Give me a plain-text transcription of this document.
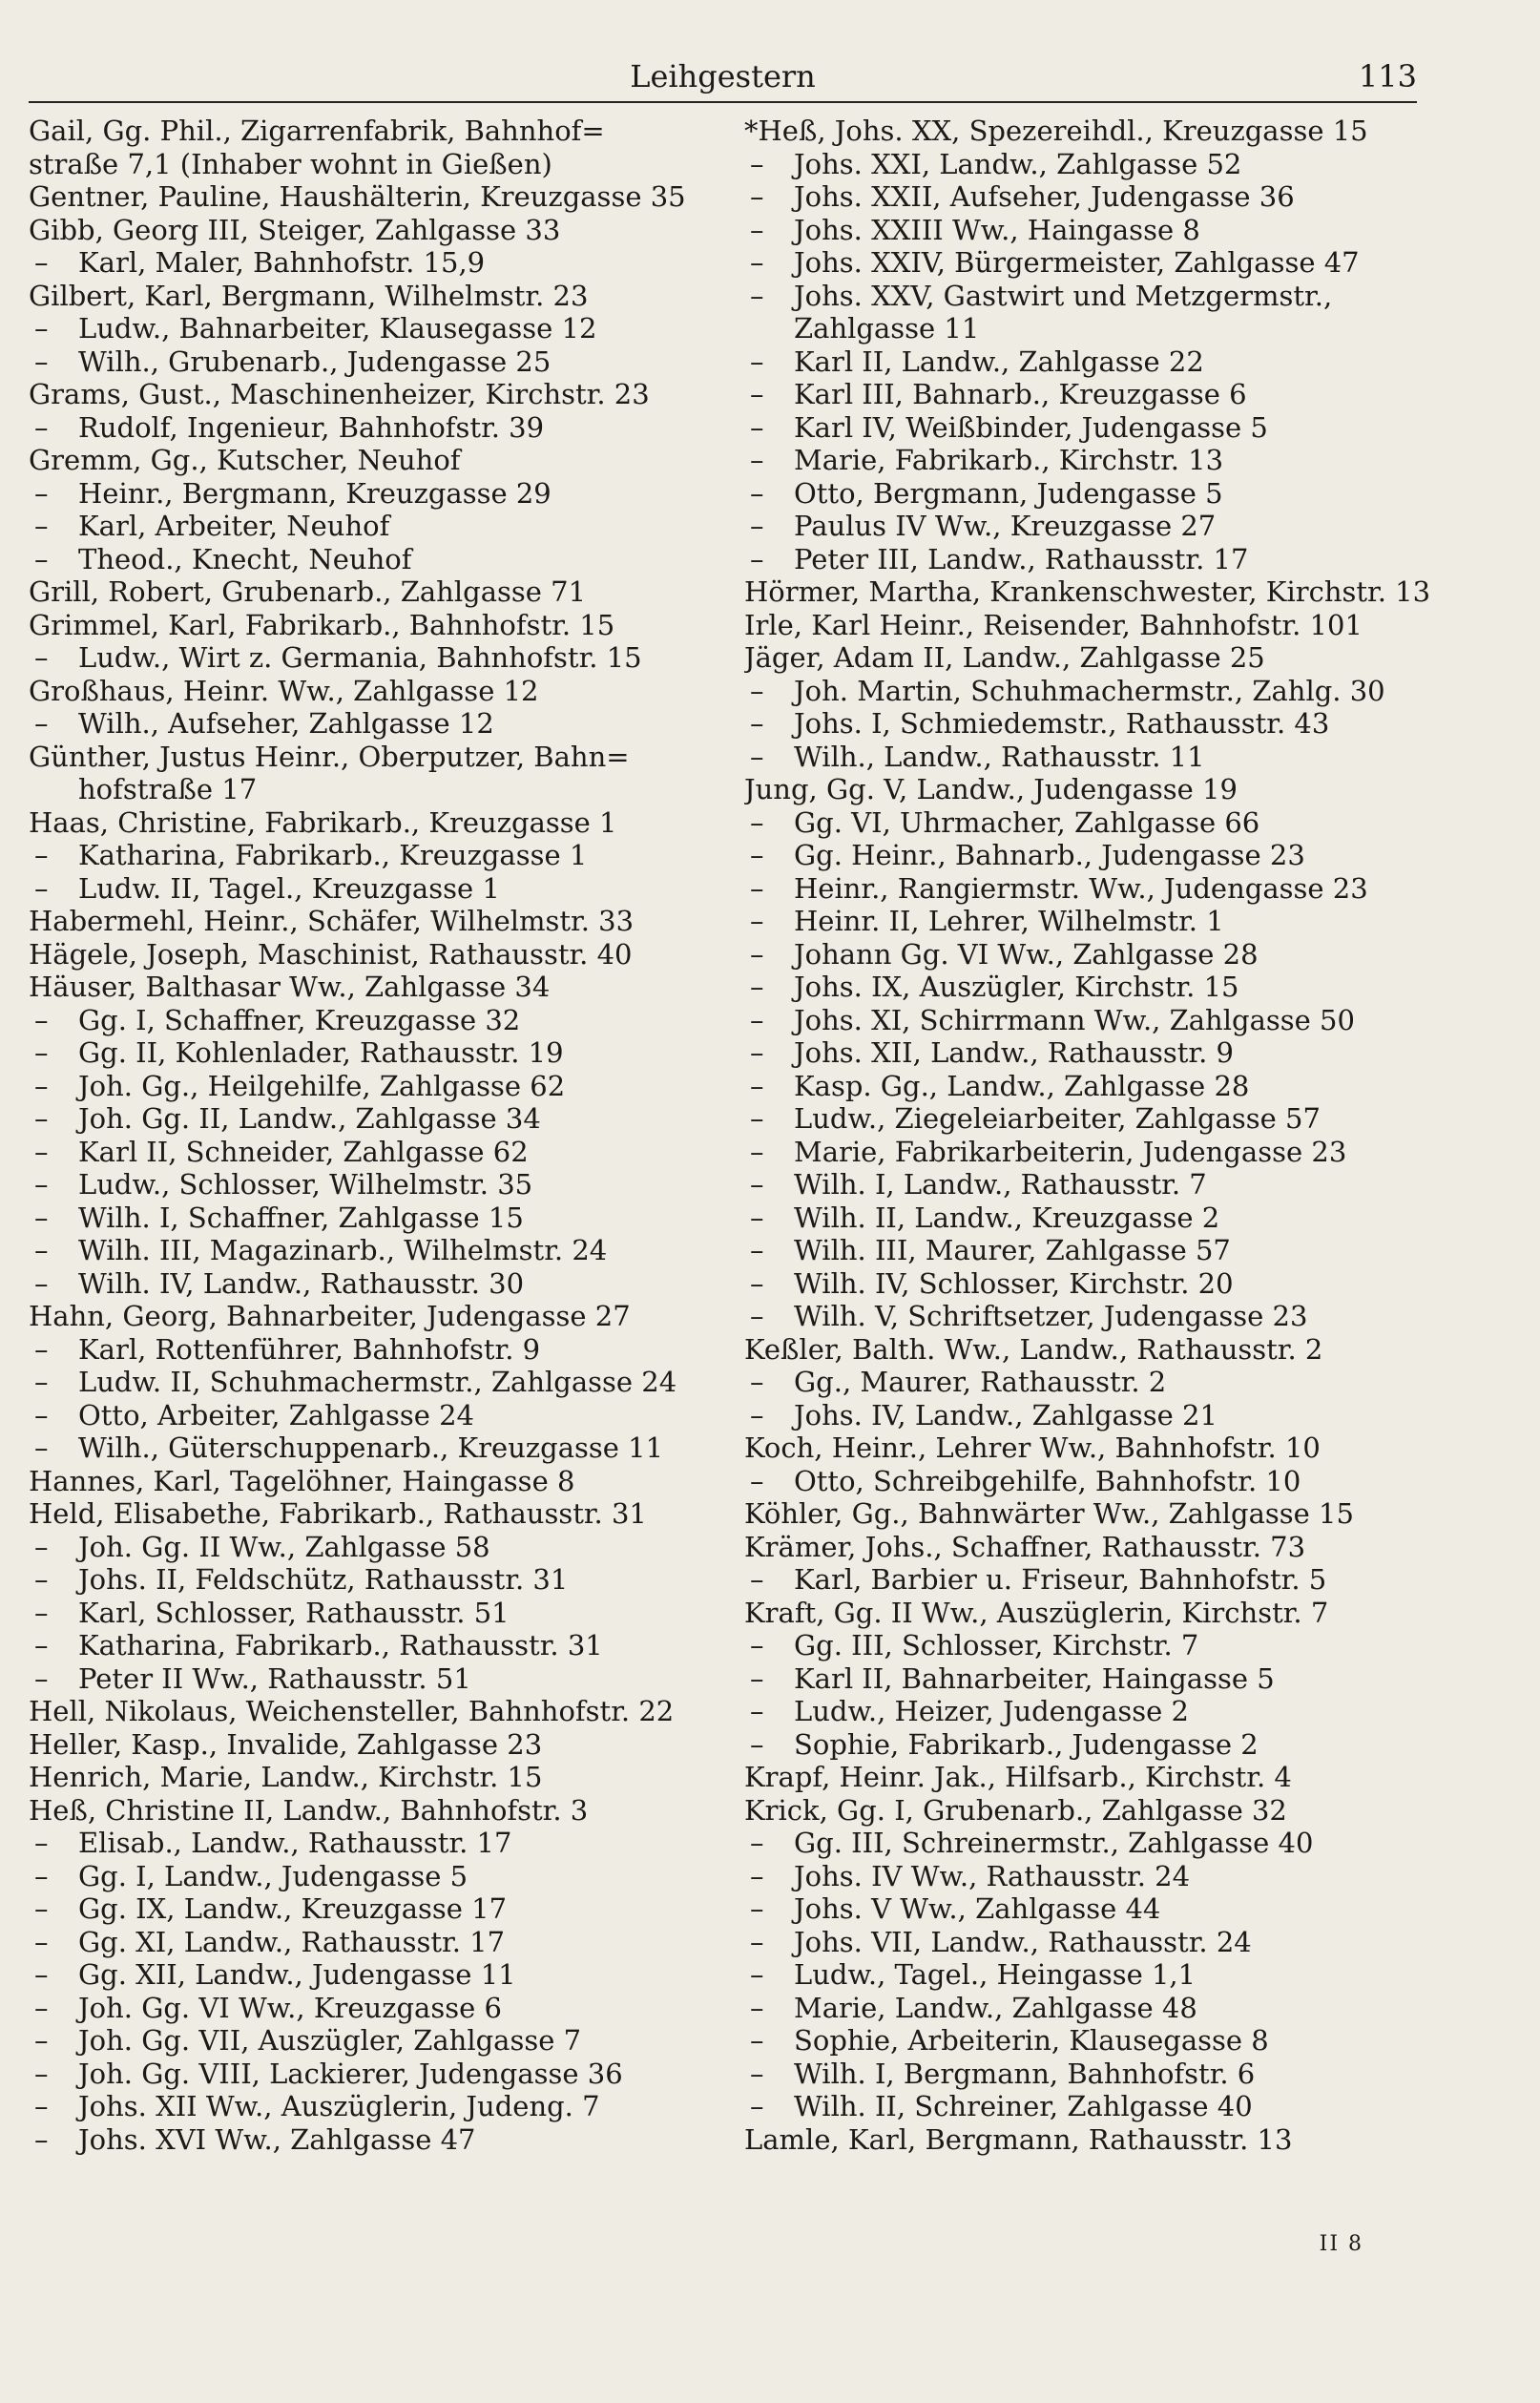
Leihgestern	113
Gail, Gg. Phil., Zigarrenfabrik, Bahnhof=
straße 7,1 (Inhaber wohnt in Gießen)
Gentner, Pauline, Haushälterin, Kreuzgasse 35
Gibb, Georg III, Steiger, Zahlgasse 33
–Karl, Maler, Bahnhofstr. 15,9
Gilbert, Karl, Bergmann, Wilhelmstr. 23
–Ludw., Bahnarbeiter, Klausegasse 12
–Wilh., Grubenarb., Judengasse 25
Grams, Gust., Maschinenheizer, Kirchstr. 23
–Rudolf, Ingenieur, Bahnhofstr. 39
Gremm, Gg., Kutscher, Neuhof
–Heinr., Bergmann, Kreuzgasse 29
–Karl, Arbeiter, Neuhof
–Theod., Knecht, Neuhof
Grill, Robert, Grubenarb., Zahlgasse 71
Grimmel, Karl, Fabrikarb., Bahnhofstr. 15
–Ludw., Wirt z. Germania, Bahnhofstr. 15
Großhaus, Heinr. Ww., Zahlgasse 12
–Wilh., Aufseher, Zahlgasse 12
Günther, Justus Heinr., Oberputzer, Bahn=
hofstraße 17
Haas, Christine, Fabrikarb., Kreuzgasse 1
–Katharina, Fabrikarb., Kreuzgasse 1
–Ludw. II, Tagel., Kreuzgasse 1
Habermehl, Heinr., Schäfer, Wilhelmstr. 33
Hägele, Joseph, Maschinist, Rathausstr. 40
Häuser, Balthasar Ww., Zahlgasse 34
–Gg. I, Schaffner, Kreuzgasse 32
–Gg. II, Kohlenlader, Rathausstr. 19
–Joh. Gg., Heilgehilfe, Zahlgasse 62
–Joh. Gg. II, Landw., Zahlgasse 34
–Karl II, Schneider, Zahlgasse 62
–Ludw., Schlosser, Wilhelmstr. 35
–Wilh. I, Schaffner, Zahlgasse 15
–Wilh. III, Magazinarb., Wilhelmstr. 24
–Wilh. IV, Landw., Rathausstr. 30
Hahn, Georg, Bahnarbeiter, Judengasse 27
–Karl, Rottenführer, Bahnhofstr. 9
–Ludw. II, Schuhmachermstr., Zahlgasse 24
–Otto, Arbeiter, Zahlgasse 24
–Wilh., Güterschuppenarb., Kreuzgasse 11
Hannes, Karl, Tagelöhner, Haingasse 8
Held, Elisabethe, Fabrikarb., Rathausstr. 31
–Joh. Gg. II Ww., Zahlgasse 58
–Johs. II, Feldschütz, Rathausstr. 31
–Karl, Schlosser, Rathausstr. 51
–Katharina, Fabrikarb., Rathausstr. 31
–Peter II Ww., Rathausstr. 51
Hell, Nikolaus, Weichensteller, Bahnhofstr. 22
Heller, Kasp., Invalide, Zahlgasse 23
Henrich, Marie, Landw., Kirchstr. 15
Heß, Christine II, Landw., Bahnhofstr. 3
–Elisab., Landw., Rathausstr. 17
–Gg. I, Landw., Judengasse 5
–Gg. IX, Landw., Kreuzgasse 17
–Gg. XI, Landw., Rathausstr. 17
–Gg. XII, Landw., Judengasse 11
–Joh. Gg. VI Ww., Kreuzgasse 6
–Joh. Gg. VII, Auszügler, Zahlgasse 7
–Joh. Gg. VIII, Lackierer, Judengasse 36
–Johs. XII Ww., Auszüglerin, Judeng. 7
–Johs. XVI Ww., Zahlgasse 47
*Heß, Johs. XX, Spezereihdl., Kreuzgasse 15
–Johs. XXI, Landw., Zahlgasse 52
–Johs. XXII, Aufseher, Judengasse 36
–Johs. XXIII Ww., Haingasse 8
–Johs. XXIV, Bürgermeister, Zahlgasse 47
–Johs. XXV, Gastwirt und Metzgermstr.,
Zahlgasse 11
–Karl II, Landw., Zahlgasse 22
–Karl III, Bahnarb., Kreuzgasse 6
–Karl IV, Weißbinder, Judengasse 5
–Marie, Fabrikarb., Kirchstr. 13
–Otto, Bergmann, Judengasse 5
–Paulus IV Ww., Kreuzgasse 27
–Peter III, Landw., Rathausstr. 17
Hörmer, Martha, Krankenschwester, Kirchstr. 13
Irle, Karl Heinr., Reisender, Bahnhofstr. 101
Jäger, Adam II, Landw., Zahlgasse 25
–Joh. Martin, Schuhmachermstr., Zahlg. 30
–Johs. I, Schmiedemstr., Rathausstr. 43
–Wilh., Landw., Rathausstr. 11
Jung, Gg. V, Landw., Judengasse 19
–Gg. VI, Uhrmacher, Zahlgasse 66
–Gg. Heinr., Bahnarb., Judengasse 23
–Heinr., Rangiermstr. Ww., Judengasse 23
–Heinr. II, Lehrer, Wilhelmstr. 1
–Johann Gg. VI Ww., Zahlgasse 28
–Johs. IX, Auszügler, Kirchstr. 15
–Johs. XI, Schirrmann Ww., Zahlgasse 50
–Johs. XII, Landw., Rathausstr. 9
–Kasp. Gg., Landw., Zahlgasse 28
–Ludw., Ziegeleiarbeiter, Zahlgasse 57
–Marie, Fabrikarbeiterin, Judengasse 23
–Wilh. I, Landw., Rathausstr. 7
–Wilh. II, Landw., Kreuzgasse 2
–Wilh. III, Maurer, Zahlgasse 57
–Wilh. IV, Schlosser, Kirchstr. 20
–Wilh. V, Schriftsetzer, Judengasse 23
Keßler, Balth. Ww., Landw., Rathausstr. 2
–Gg., Maurer, Rathausstr. 2
–Johs. IV, Landw., Zahlgasse 21
Koch, Heinr., Lehrer Ww., Bahnhofstr. 10
–Otto, Schreibgehilfe, Bahnhofstr. 10
Köhler, Gg., Bahnwärter Ww., Zahlgasse 15
Krämer, Johs., Schaffner, Rathausstr. 73
–Karl, Barbier u. Friseur, Bahnhofstr. 5
Kraft, Gg. II Ww., Auszüglerin, Kirchstr. 7
–Gg. III, Schlosser, Kirchstr. 7
–Karl II, Bahnarbeiter, Haingasse 5
–Ludw., Heizer, Judengasse 2
–Sophie, Fabrikarb., Judengasse 2
Krapf, Heinr. Jak., Hilfsarb., Kirchstr. 4
Krick, Gg. I, Grubenarb., Zahlgasse 32
–Gg. III, Schreinermstr., Zahlgasse 40
–Johs. IV Ww., Rathausstr. 24
–Johs. V Ww., Zahlgasse 44
–Johs. VII, Landw., Rathausstr. 24
–Ludw., Tagel., Heingasse 1,1
–Marie, Landw., Zahlgasse 48
–Sophie, Arbeiterin, Klausegasse 8
–Wilh. I, Bergmann, Bahnhofstr. 6
–Wilh. II, Schreiner, Zahlgasse 40
Lamle, Karl, Bergmann, Rathausstr. 13
II 8
